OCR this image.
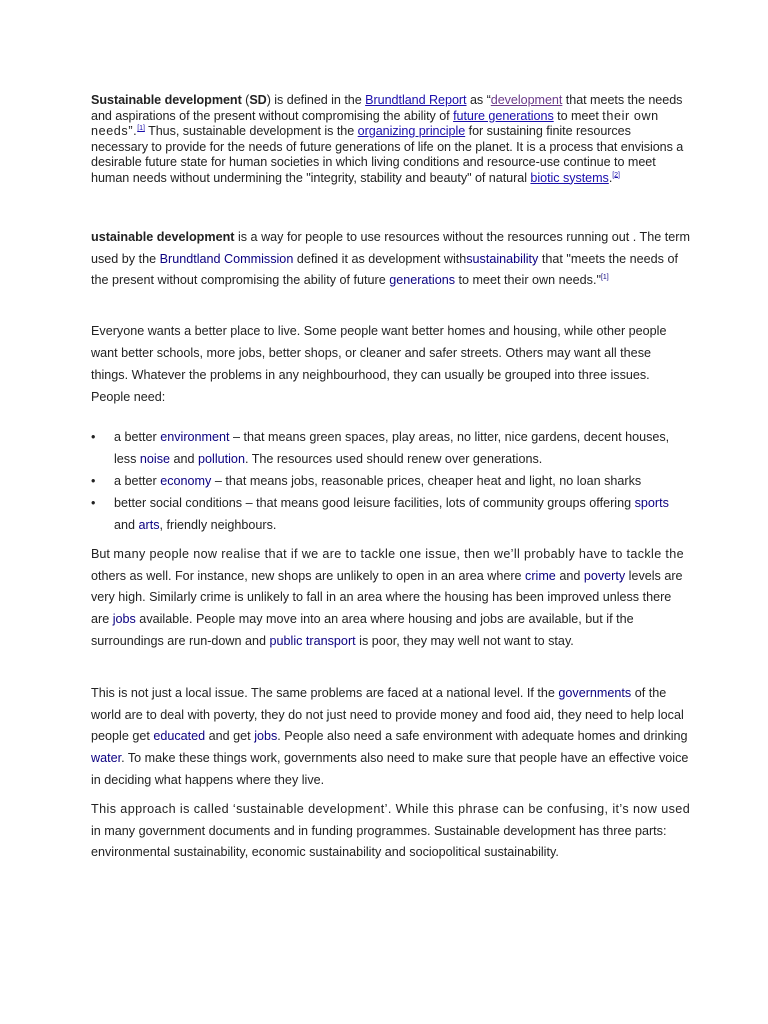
Sustainable development (SD) is defined in the Brundtland Report as “development that meets the needs and aspirations of the present without compromising the ability of future generations to meet their own needs”.[1] Thus, sustainable development is the organizing principle for sustaining finite resources necessary to provide for the needs of future generations of life on the planet. It is a process that envisions a desirable future state for human societies in which living conditions and resource-use continue to meet human needs without undermining the "integrity, stability and beauty" of natural biotic systems.[2]
ustainable development is a way for people to use resources without the resources running out . The term used by the Brundtland Commission defined it as development withsustainability that "meets the needs of the present without compromising the ability of future generations to meet their own needs."[1]
Everyone wants a better place to live. Some people want better homes and housing, while other people want better schools, more jobs, better shops, or cleaner and safer streets. Others may want all these things. Whatever the problems in any neighbourhood, they can usually be grouped into three issues. People need:
• a better environment – that means green spaces, play areas, no litter, nice gardens, decent houses, less noise and pollution. The resources used should renew over generations.
• a better economy – that means jobs, reasonable prices, cheaper heat and light, no loan sharks
• better social conditions – that means good leisure facilities, lots of community groups offering sports and arts, friendly neighbours.
But many people now realise that if we are to tackle one issue, then we’ll probably have to tackle the others as well. For instance, new shops are unlikely to open in an area where crime and poverty levels are very high. Similarly crime is unlikely to fall in an area where the housing has been improved unless there are jobs available. People may move into an area where housing and jobs are available, but if the surroundings are run-down and public transport is poor, they may well not want to stay.
This is not just a local issue. The same problems are faced at a national level. If the governments of the world are to deal with poverty, they do not just need to provide money and food aid, they need to help local people get educated and get jobs. People also need a safe environment with adequate homes and drinking water. To make these things work, governments also need to make sure that people have an effective voice in deciding what happens where they live.
This approach is called ‘sustainable development’. While this phrase can be confusing, it’s now used in many government documents and in funding programmes. Sustainable development has three parts: environmental sustainability, economic sustainability and sociopolitical sustainability.
